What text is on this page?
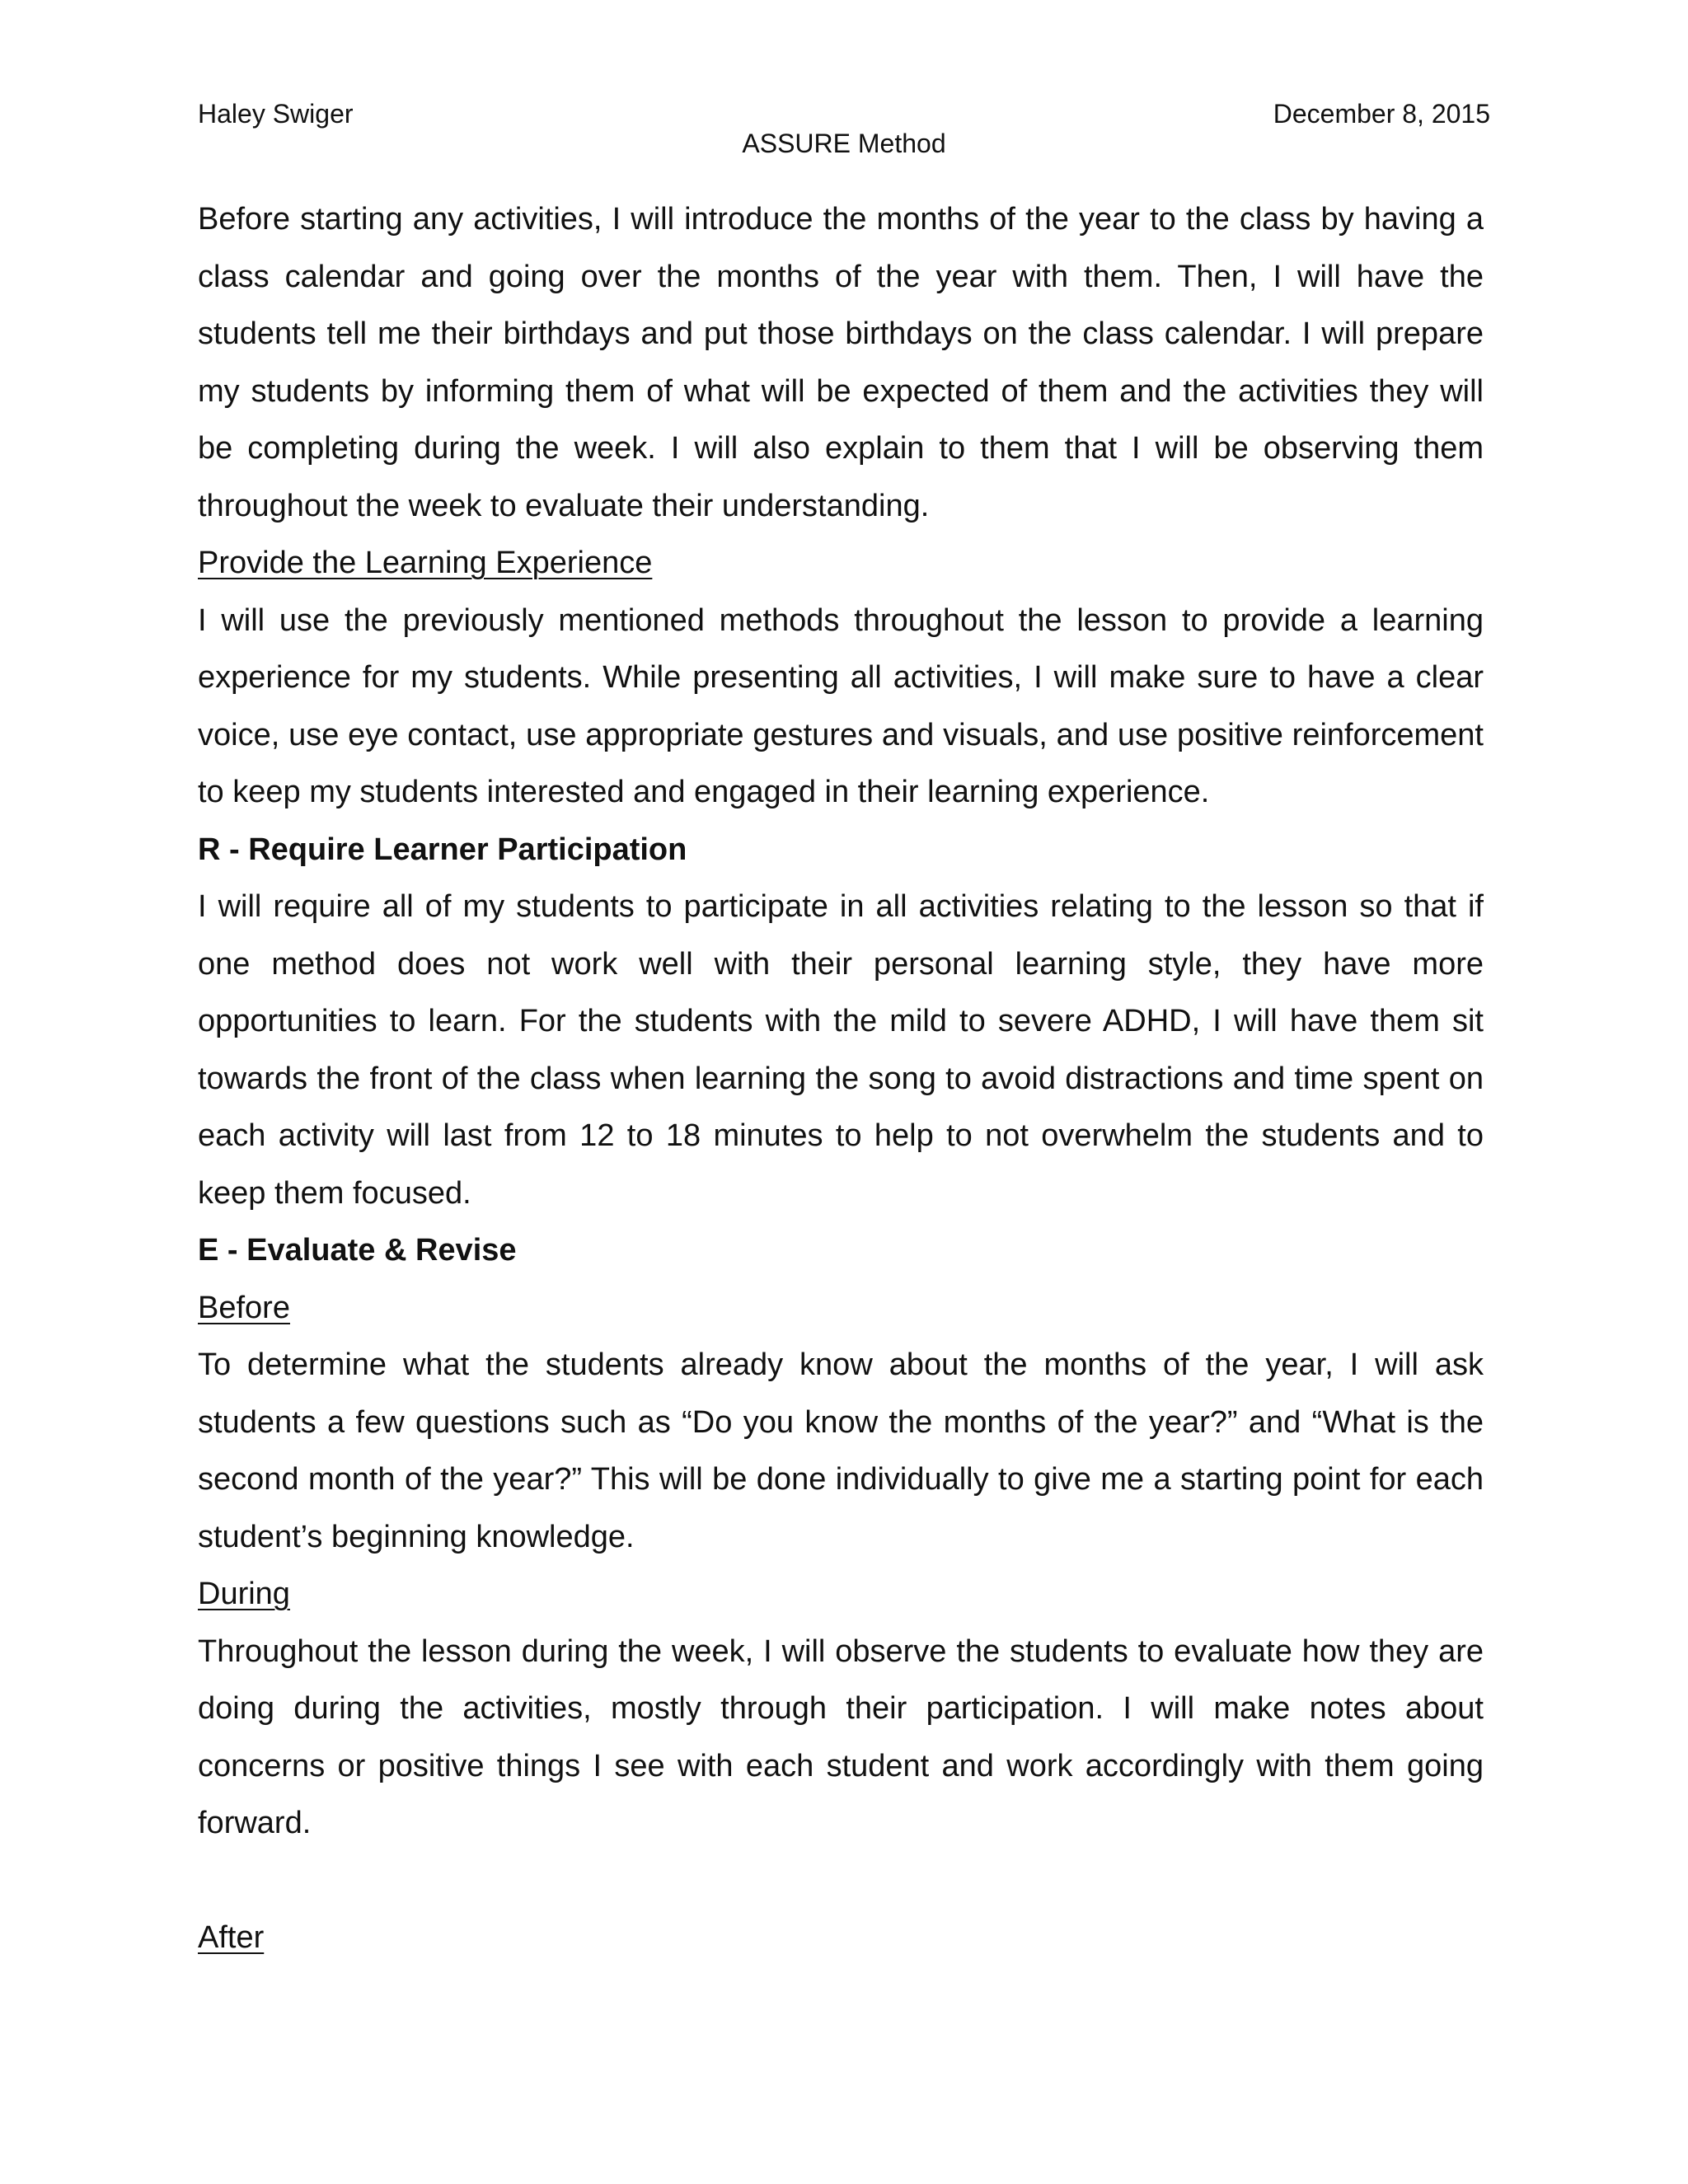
Haley Swiger	December 8, 2015
ASSURE Method

Before starting any activities, I will introduce the months of the year to the class by having a class calendar and going over the months of the year with them. Then, I will have the students tell me their birthdays and put those birthdays on the class calendar. I will prepare my students by informing them of what will be expected of them and the activities they will be completing during the week. I will also explain to them that I will be observing them throughout the week to evaluate their understanding.

Provide the Learning Experience

I will use the previously mentioned methods throughout the lesson to provide a learning experience for my students. While presenting all activities, I will make sure to have a clear voice, use eye contact, use appropriate gestures and visuals, and use positive reinforcement to keep my students interested and engaged in their learning experience.

R - Require Learner Participation

I will require all of my students to participate in all activities relating to the lesson so that if one method does not work well with their personal learning style, they have more opportunities to learn. For the students with the mild to severe ADHD, I will have them sit towards the front of the class when learning the song to avoid distractions and time spent on each activity will last from 12 to 18 minutes to help to not overwhelm the students and to keep them focused.

E - Evaluate & Revise

Before

To determine what the students already know about the months of the year, I will ask students a few questions such as “Do you know the months of the year?” and “What is the second month of the year?” This will be done individually to give me a starting point for each student’s beginning knowledge.

During

Throughout the lesson during the week, I will observe the students to evaluate how they are doing during the activities, mostly through their participation. I will make notes about concerns or positive things I see with each student and work accordingly with them going forward.

After
